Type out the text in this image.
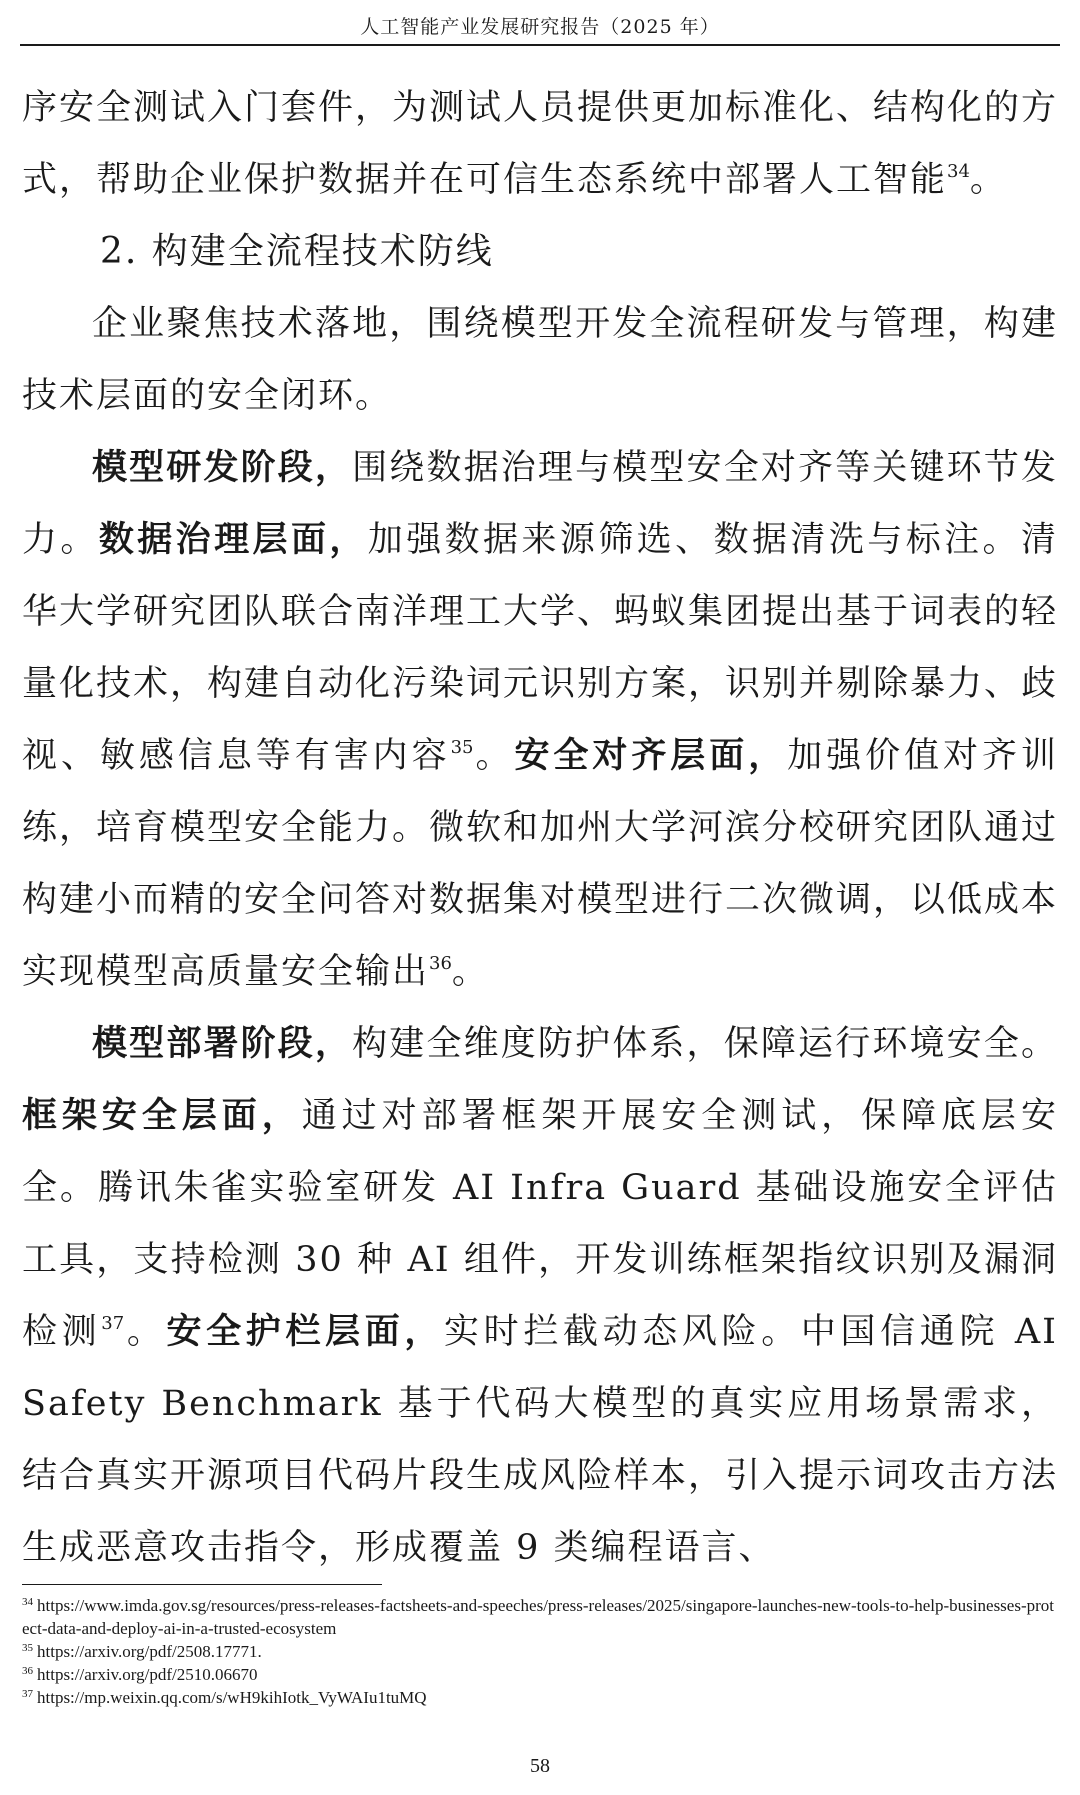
人工智能产业发展研究报告（2025 年）

序安全测试入门套件，为测试人员提供更加标准化、结构化的方式，帮助企业保护数据并在可信生态系统中部署人工智能$^{34}$。

2. 构建全流程技术防线

企业聚焦技术落地，围绕模型开发全流程研发与管理，构建技术层面的安全闭环。

模型研发阶段，围绕数据治理与模型安全对齐等关键环节发力。数据治理层面，加强数据来源筛选、数据清洗与标注。清华大学研究团队联合南洋理工大学、蚂蚁集团提出基于词表的轻量化技术，构建自动化污染词元识别方案，识别并剔除暴力、歧视、敏感信息等有害内容$^{35}$。安全对齐层面，加强价值对齐训练，培育模型安全能力。微软和加州大学河滨分校研究团队通过构建小而精的安全问答对数据集对模型进行二次微调，以低成本实现模型高质量安全输出$^{36}$。

模型部署阶段，构建全维度防护体系，保障运行环境安全。框架安全层面，通过对部署框架开展安全测试，保障底层安全。腾讯朱雀实验室研发 AI Infra Guard 基础设施安全评估工具，支持检测 30 种 AI 组件，开发训练框架指纹识别及漏洞检测$^{37}$。安全护栏层面，实时拦截动态风险。中国信通院 AI Safety Benchmark 基于代码大模型的真实应用场景需求，结合真实开源项目代码片段生成风险样本，引入提示词攻击方法生成恶意攻击指令，形成覆盖 9 类编程语言、

$^{34}$ https://www.imda.gov.sg/resources/press-releases-factsheets-and-speeches/press-releases/2025/singapore-launches-new-tools-to-help-businesses-protect-data-and-deploy-ai-in-a-trusted-ecosystem

$^{35}$ https://arxiv.org/pdf/2508.17771.

$^{36}$ https://arxiv.org/pdf/2510.06670

$^{37}$ https://mp.weixin.qq.com/s/wH9kihIotk_VyWAIu1tuMQ

58
